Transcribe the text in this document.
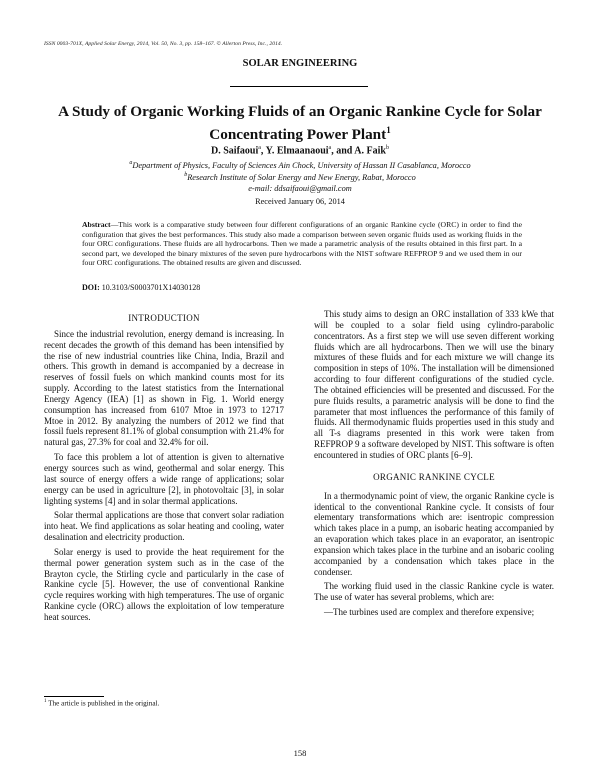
ISSN 0003-701X, Applied Solar Energy, 2014, Vol. 50, No. 3, pp. 158–167. © Allerton Press, Inc., 2014.
SOLAR ENGINEERING
A Study of Organic Working Fluids of an Organic Rankine Cycle for Solar Concentrating Power Plant$^1$
D. Saifaoui$^a$, Y. Elmaanaoui$^a$, and A. Faik$^b$
$^a$Department of Physics, Faculty of Sciences Ain Chock, University of Hassan II Casablanca, Morocco
$^b$Research Institute of Solar Energy and New Energy, Rabat, Morocco
e-mail: ddsaifaoui@gmail.com
Received January 06, 2014

Abstract—This work is a comparative study between four different configurations of an organic Rankine cycle (ORC) in order to find the configuration that gives the best performances. This study also made a comparison between seven organic fluids used as working fluids in the four ORC configurations. These fluids are all hydrocarbons. Then we made a parametric analysis of the results obtained in this first part. In a second part, we developed the binary mixtures of the seven pure hydrocarbons with the NIST software REFPROP 9 and we used them in our four ORC configurations. The obtained results are given and discussed.

DOI: 10.3103/S0003701X14030128
INTRODUCTION

Since the industrial revolution, energy demand is increasing. In recent decades the growth of this demand has been intensified by the rise of new industrial countries like China, India, Brazil and others. This growth in demand is accompanied by a decrease in reserves of fossil fuels on which mankind counts most for its supply. According to the latest statistics from the International Energy Agency (IEA) [1] as shown in Fig. 1. World energy consumption has increased from 6107 Mtoe in 1973 to 12717 Mtoe in 2012. By analyzing the numbers of 2012 we find that fossil fuels represent 81.1% of global consumption with 21.4% for natural gas, 27.3% for coal and 32.4% for oil.

To face this problem a lot of attention is given to alternative energy sources such as wind, geothermal and solar energy. This last source of energy offers a wide range of applications; solar energy can be used in agriculture [2], in photovoltaic [3], in solar lighting systems [4] and in solar thermal applications.

Solar thermal applications are those that convert solar radiation into heat. We find applications as solar heating and cooling, water desalination and electricity production.

Solar energy is used to provide the heat requirement for the thermal power generation system such as in the case of the Brayton cycle, the Stirling cycle and particularly in the case of Rankine cycle [5]. However, the use of conventional Rankine cycle requires working with high temperatures. The use of organic Rankine cycle (ORC) allows the exploitation of low temperature heat sources.

This study aims to design an ORC installation of 333 kWe that will be coupled to a solar field using cylindro-parabolic concentrators. As a first step we will use seven different working fluids which are all hydrocarbons. Then we will use the binary mixtures of these fluids and for each mixture we will change its composition in steps of 10%. The installation will be dimensioned according to four different configurations of the studied cycle. The obtained efficiencies will be presented and discussed. For the pure fluids results, a parametric analysis will be done to find the parameter that most influences the performance of this family of fluids. All thermodynamic fluids properties used in this study and all T-s diagrams presented in this work were taken from REFPROP 9 a software developed by NIST. This software is often encountered in studies of ORC plants [6–9].

ORGANIC RANKINE CYCLE

In a thermodynamic point of view, the organic Rankine cycle is identical to the conventional Rankine cycle. It consists of four elementary transformations which are: isentropic compression which takes place in a pump, an isobaric heating accompanied by an evaporation which takes place in an evaporator, an isentropic expansion which takes place in the turbine and an isobaric cooling accompanied by a condensation which takes place in the condenser.

The working fluid used in the classic Rankine cycle is water. The use of water has several problems, which are:

—The turbines used are complex and therefore expensive;

$^1$ The article is published in the original.
158
